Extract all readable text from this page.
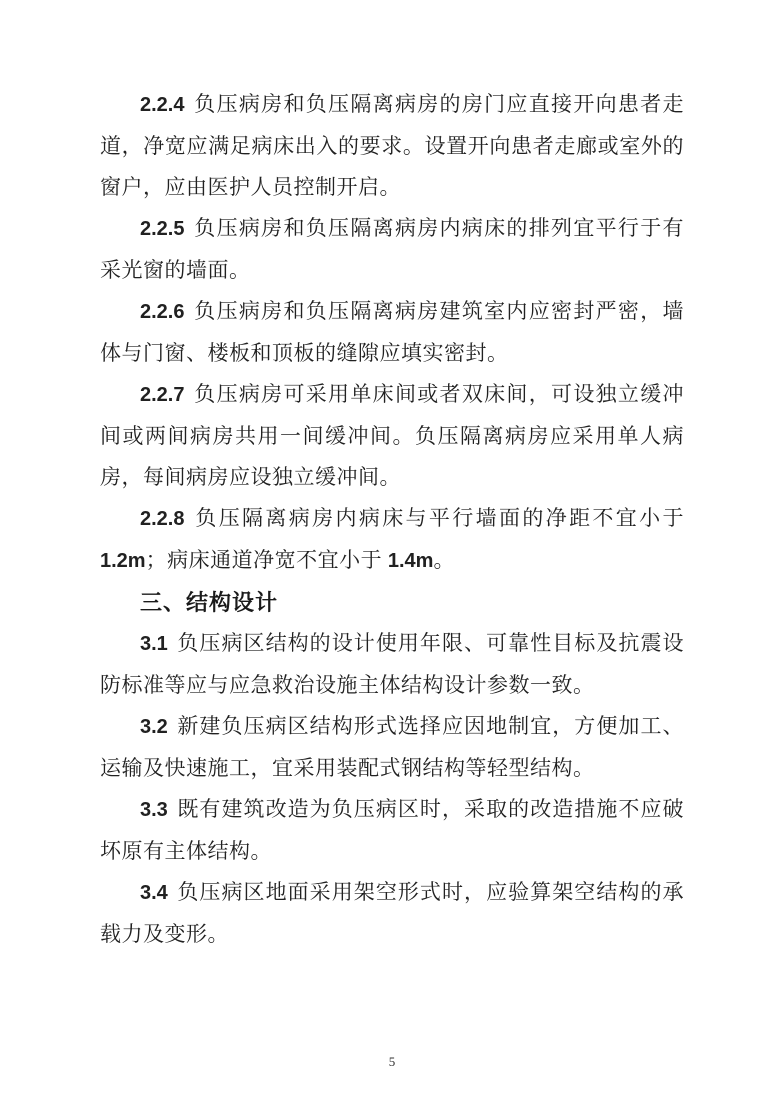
2.2.4 负压病房和负压隔离病房的房门应直接开向患者走道，净宽应满足病床出入的要求。设置开向患者走廊或室外的窗户，应由医护人员控制开启。

2.2.5 负压病房和负压隔离病房内病床的排列宜平行于有采光窗的墙面。

2.2.6 负压病房和负压隔离病房建筑室内应密封严密，墙体与门窗、楼板和顶板的缝隙应填实密封。

2.2.7 负压病房可采用单床间或者双床间，可设独立缓冲间或两间病房共用一间缓冲间。负压隔离病房应采用单人病房，每间病房应设独立缓冲间。

2.2.8 负压隔离病房内病床与平行墙面的净距不宜小于1.2m；病床通道净宽不宜小于 1.4m。

三、结构设计

3.1 负压病区结构的设计使用年限、可靠性目标及抗震设防标准等应与应急救治设施主体结构设计参数一致。

3.2 新建负压病区结构形式选择应因地制宜，方便加工、运输及快速施工，宜采用装配式钢结构等轻型结构。

3.3 既有建筑改造为负压病区时，采取的改造措施不应破坏原有主体结构。

3.4 负压病区地面采用架空形式时，应验算架空结构的承载力及变形。

5
